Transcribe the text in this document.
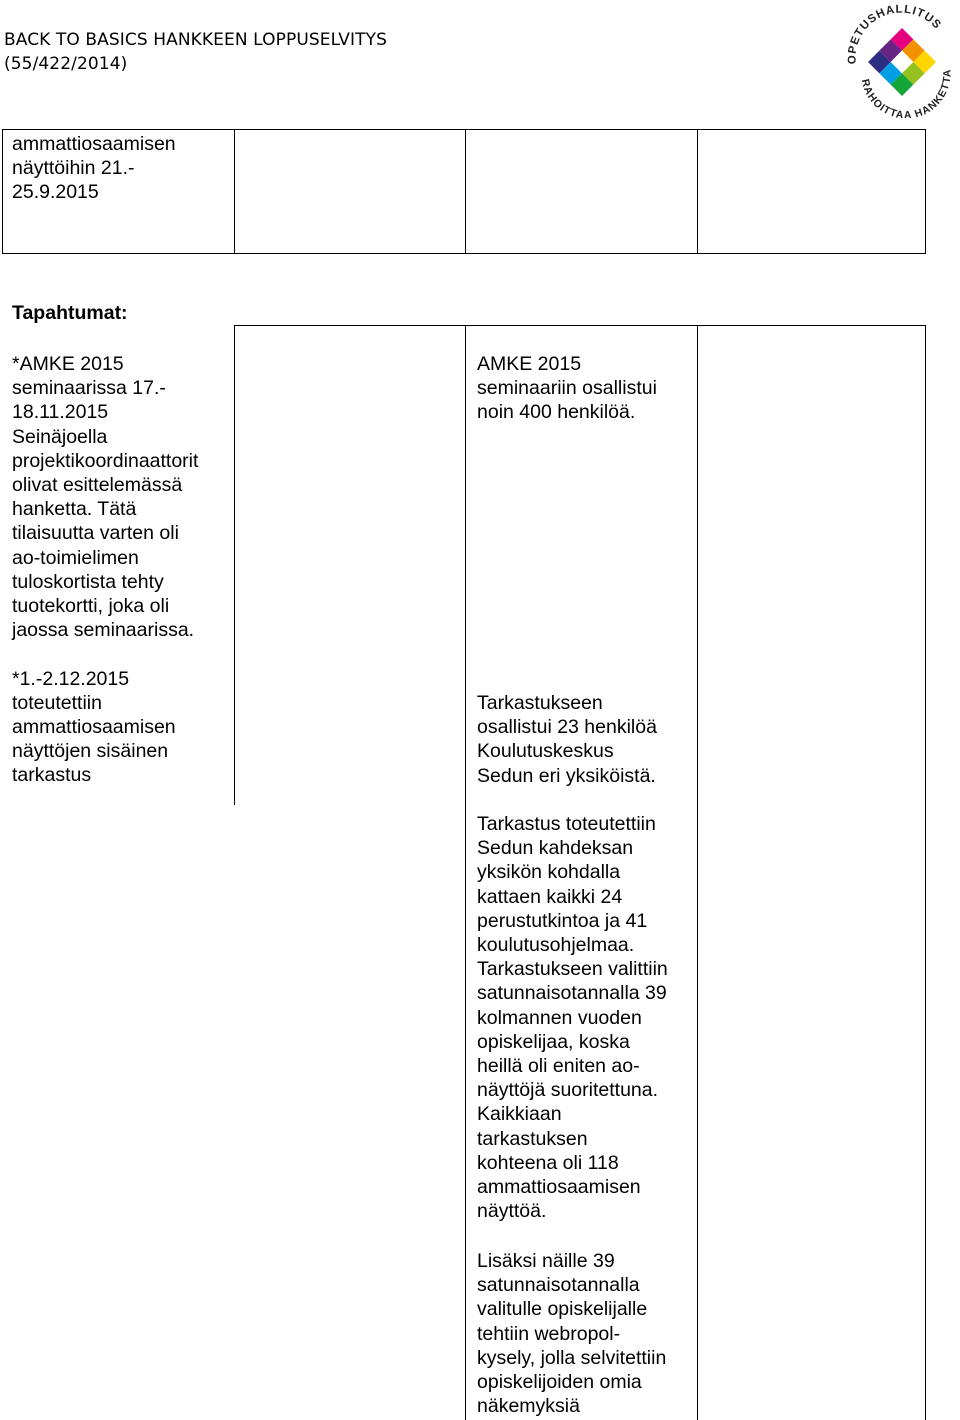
BACK TO BASICS HANKKEEN LOPPUSELVITYS
(55/422/2014)	OPETUSHALLITUS
RAHOITTAA HANKETTA
ammattiosaamisen
näyttöihin 21.-
25.9.2015
Tapahtumat:
*AMKE 2015
seminaarissa 17.-
18.11.2015
Seinäjoella
projektikoordinaattorit
olivat esittelemässä
hanketta. Tätä
tilaisuutta varten oli
ao-toimielimen
tuloskortista tehty
tuotekortti, joka oli
jaossa seminaarissa.
*1.-2.12.2015
toteutettiin
ammattiosaamisen
näyttöjen sisäinen
tarkastus
AMKE 2015
seminaariin osallistui
noin 400 henkilöä.
Tarkastukseen
osallistui 23 henkilöä
Koulutuskeskus
Sedun eri yksiköistä.
Tarkastus toteutettiin
Sedun kahdeksan
yksikön kohdalla
kattaen kaikki 24
perustutkintoa ja 41
koulutusohjelmaa.
Tarkastukseen valittiin
satunnaisotannalla 39
kolmannen vuoden
opiskelijaa, koska
heillä oli eniten ao-
näyttöjä suoritettuna.
Kaikkiaan
tarkastuksen
kohteena oli 118
ammattiosaamisen
näyttöä.
Lisäksi näille 39
satunnaisotannalla
valitulle opiskelijalle
tehtiin webropol-
kysely, jolla selvitettiin
opiskelijoiden omia
näkemyksiä
